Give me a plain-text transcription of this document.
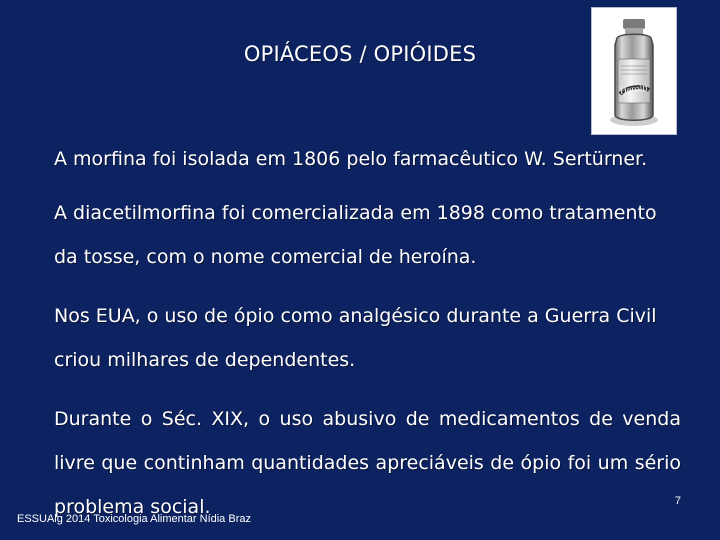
OPIÁCEOS / OPIÓIDES
Heroin

A morfina foi isolada em 1806 pelo farmacêutico W. Sertürner.

A diacetilmorfina foi comercializada em 1898 como tratamento da tosse, com o nome comercial de heroína.

Nos EUA, o uso de ópio como analgésico durante a Guerra Civil criou milhares de dependentes.

Durante o Séc. XIX, o uso abusivo de medicamentos de venda livre que continham quantidades apreciáveis de ópio foi um sério problema social.	7
ESSUAlg 2014 Toxicologia Alimentar Nídia Braz
